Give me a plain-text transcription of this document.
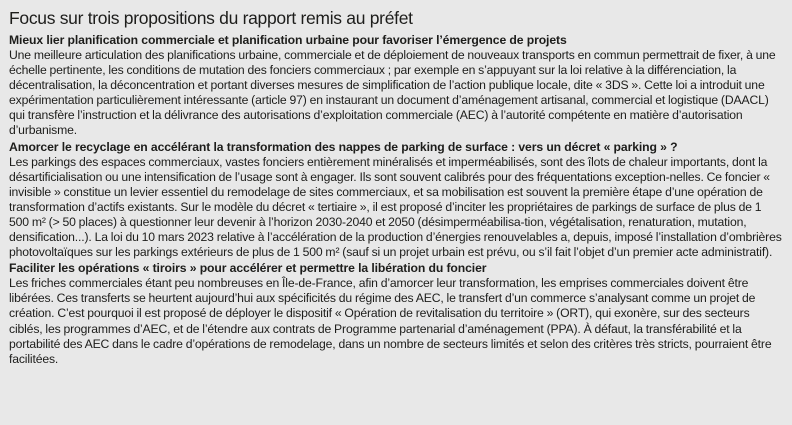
Focus sur trois propositions du rapport remis au préfet

Mieux lier planification commerciale et planification urbaine pour favoriser l’émergence de projets

Une meilleure articulation des planifications urbaine, commerciale et de déploiement de nouveaux transports en commun permettrait de fixer, à une échelle pertinente, les conditions de mutation des fonciers commerciaux ; par exemple en s’appuyant sur la loi relative à la différenciation, la décentralisation, la déconcentration et portant diverses mesures de simplification de l’action publique locale, dite « 3DS ». Cette loi a introduit une expérimentation particulièrement intéressante (article 97) en instaurant un document d’aménagement artisanal, commercial et logistique (DAACL) qui transfère l’instruction et la délivrance des autorisations d’exploitation commerciale (AEC) à l’autorité compétente en matière d’autorisation d’urbanisme.

Amorcer le recyclage en accélérant la transformation des nappes de parking de surface : vers un décret « parking » ?

Les parkings des espaces commerciaux, vastes fonciers entièrement minéralisés et imperméabilisés, sont des îlots de chaleur importants, dont la désartificialisation ou une intensification de l’usage sont à engager. Ils sont souvent calibrés pour des fréquentations exception-nelles. Ce foncier « invisible » constitue un levier essentiel du remodelage de sites commerciaux, et sa mobilisation est souvent la première étape d’une opération de transformation d’actifs existants. Sur le modèle du décret « tertiaire », il est proposé d’inciter les propriétaires de parkings de surface de plus de 1 500 m² (> 50 places) à questionner leur devenir à l’horizon 2030-2040 et 2050 (désimperméabilisa-tion, végétalisation, renaturation, mutation, densification...). La loi du 10 mars 2023 relative à l’accélération de la production d’énergies renouvelables a, depuis, imposé l’installation d’ombrières photovoltaïques sur les parkings extérieurs de plus de 1 500 m² (sauf si un projet urbain est prévu, ou s’il fait l’objet d’un premier acte administratif).

Faciliter les opérations « tiroirs » pour accélérer et permettre la libération du foncier

Les friches commerciales étant peu nombreuses en Île-de-France, afin d’amorcer leur transformation, les emprises commerciales doivent être libérées. Ces transferts se heurtent aujourd’hui aux spécificités du régime des AEC, le transfert d’un commerce s’analysant comme un projet de création. C’est pourquoi il est proposé de déployer le dispositif « Opération de revitalisation du territoire » (ORT), qui exonère, sur des secteurs ciblés, les programmes d’AEC, et de l’étendre aux contrats de Programme partenarial d’aménagement (PPA). À défaut, la transférabilité et la portabilité des AEC dans le cadre d’opérations de remodelage, dans un nombre de secteurs limités et selon des critères très stricts, pourraient être facilitées.
